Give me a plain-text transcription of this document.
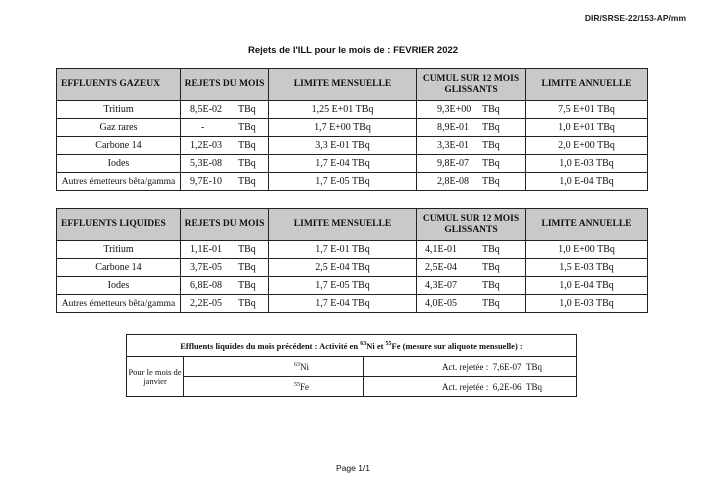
DIR/SRSE-22/153-AP/mm
Rejets de l'ILL pour le mois de : FEVRIER 2022
EFFLUENTS GAZEUX	REJETS DU MOIS	LIMITE MENSUELLE	CUMUL SUR 12 MOIS GLISSANTS	LIMITE ANNUELLE
Tritium	8,5E-02 TBq	1,25 E+01 TBq	9,3E+00 TBq	7,5 E+01 TBq
Gaz rares	- TBq	1,7 E+00 TBq	8,9E-01 TBq	1,0 E+01 TBq
Carbone 14	1,2E-03 TBq	3,3 E-01 TBq	3,3E-01 TBq	2,0 E+00 TBq
Iodes	5,3E-08 TBq	1,7 E-04 TBq	9,8E-07 TBq	1,0 E-03 TBq
Autres émetteurs bêta/gamma	9,7E-10 TBq	1,7 E-05 TBq	2,8E-08 TBq	1,0 E-04 TBq
EFFLUENTS LIQUIDES	REJETS DU MOIS	LIMITE MENSUELLE	CUMUL SUR 12 MOIS GLISSANTS	LIMITE ANNUELLE
Tritium	1,1E-01 TBq	1,7 E-01 TBq	4,1E-01 TBq	1,0 E+00 TBq
Carbone 14	3,7E-05 TBq	2,5 E-04 TBq	2,5E-04 TBq	1,5 E-03 TBq
Iodes	6,8E-08 TBq	1,7 E-05 TBq	4,3E-07 TBq	1,0 E-04 TBq
Autres émetteurs bêta/gamma	2,2E-05 TBq	1,7 E-04 TBq	4,0E-05 TBq	1,0 E-03 TBq
Effluents liquides du mois précédent : Activité en $^{63}$Ni et $^{55}$Fe (mesure sur aliquote mensuelle) :		
Pour le mois de janvier	$^{63}$Ni	Act. rejetée : 7,6E-07 TBq
	$^{55}$Fe	Act. rejetée : 6,2E-06 TBq
Page 1/1
